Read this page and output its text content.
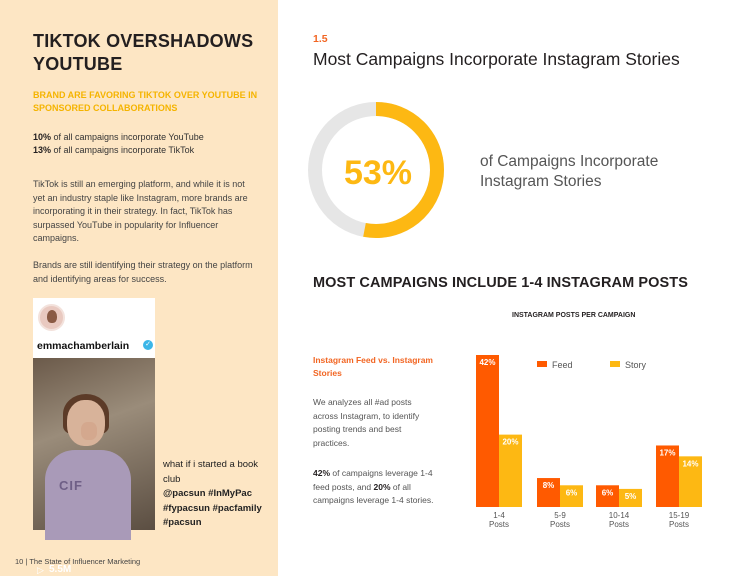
TIKTOK OVERSHADOWS YOUTUBE
BRAND ARE FAVORING TIKTOK OVER YOUTUBE IN SPONSORED COLLABORATIONS
10% of all campaigns incorporate YouTube
13% of all campaigns incorporate TikTok
TikTok is still an emerging platform, and while it is not yet an industry staple like Instagram, more brands are incorporating it in their strategy. In fact, TikTok has surpassed YouTube in popularity for Influencer campaigns.
Brands are still identifying their strategy on the platform and identifying areas for success.
emmachamberlain ✓
CIF
▷ 5.5M
what if i started a book club
@pacsun #InMyPac #fypacsun #pacfamily #pacsun
10 | The State of Influencer Marketing
1.5
Most Campaigns Incorporate Instagram Stories
53%	of Campaigns Incorporate Instagram Stories
MOST CAMPAIGNS INCLUDE 1-4 INSTAGRAM POSTS
INSTAGRAM POSTS PER CAMPAIGN
Instagram Feed vs. Instagram Stories
We analyzes all #ad posts across Instagram, to identify posting trends and best practices.
42% of campaigns leverage 1-4 feed posts, and 20% of all campaigns leverage 1-4 stories.
42%
20%
1-4
Posts
8%
6%
5-9
Posts
6% 5%
10-14
Posts
17%
14%
15-19
Posts
Feed	Story
